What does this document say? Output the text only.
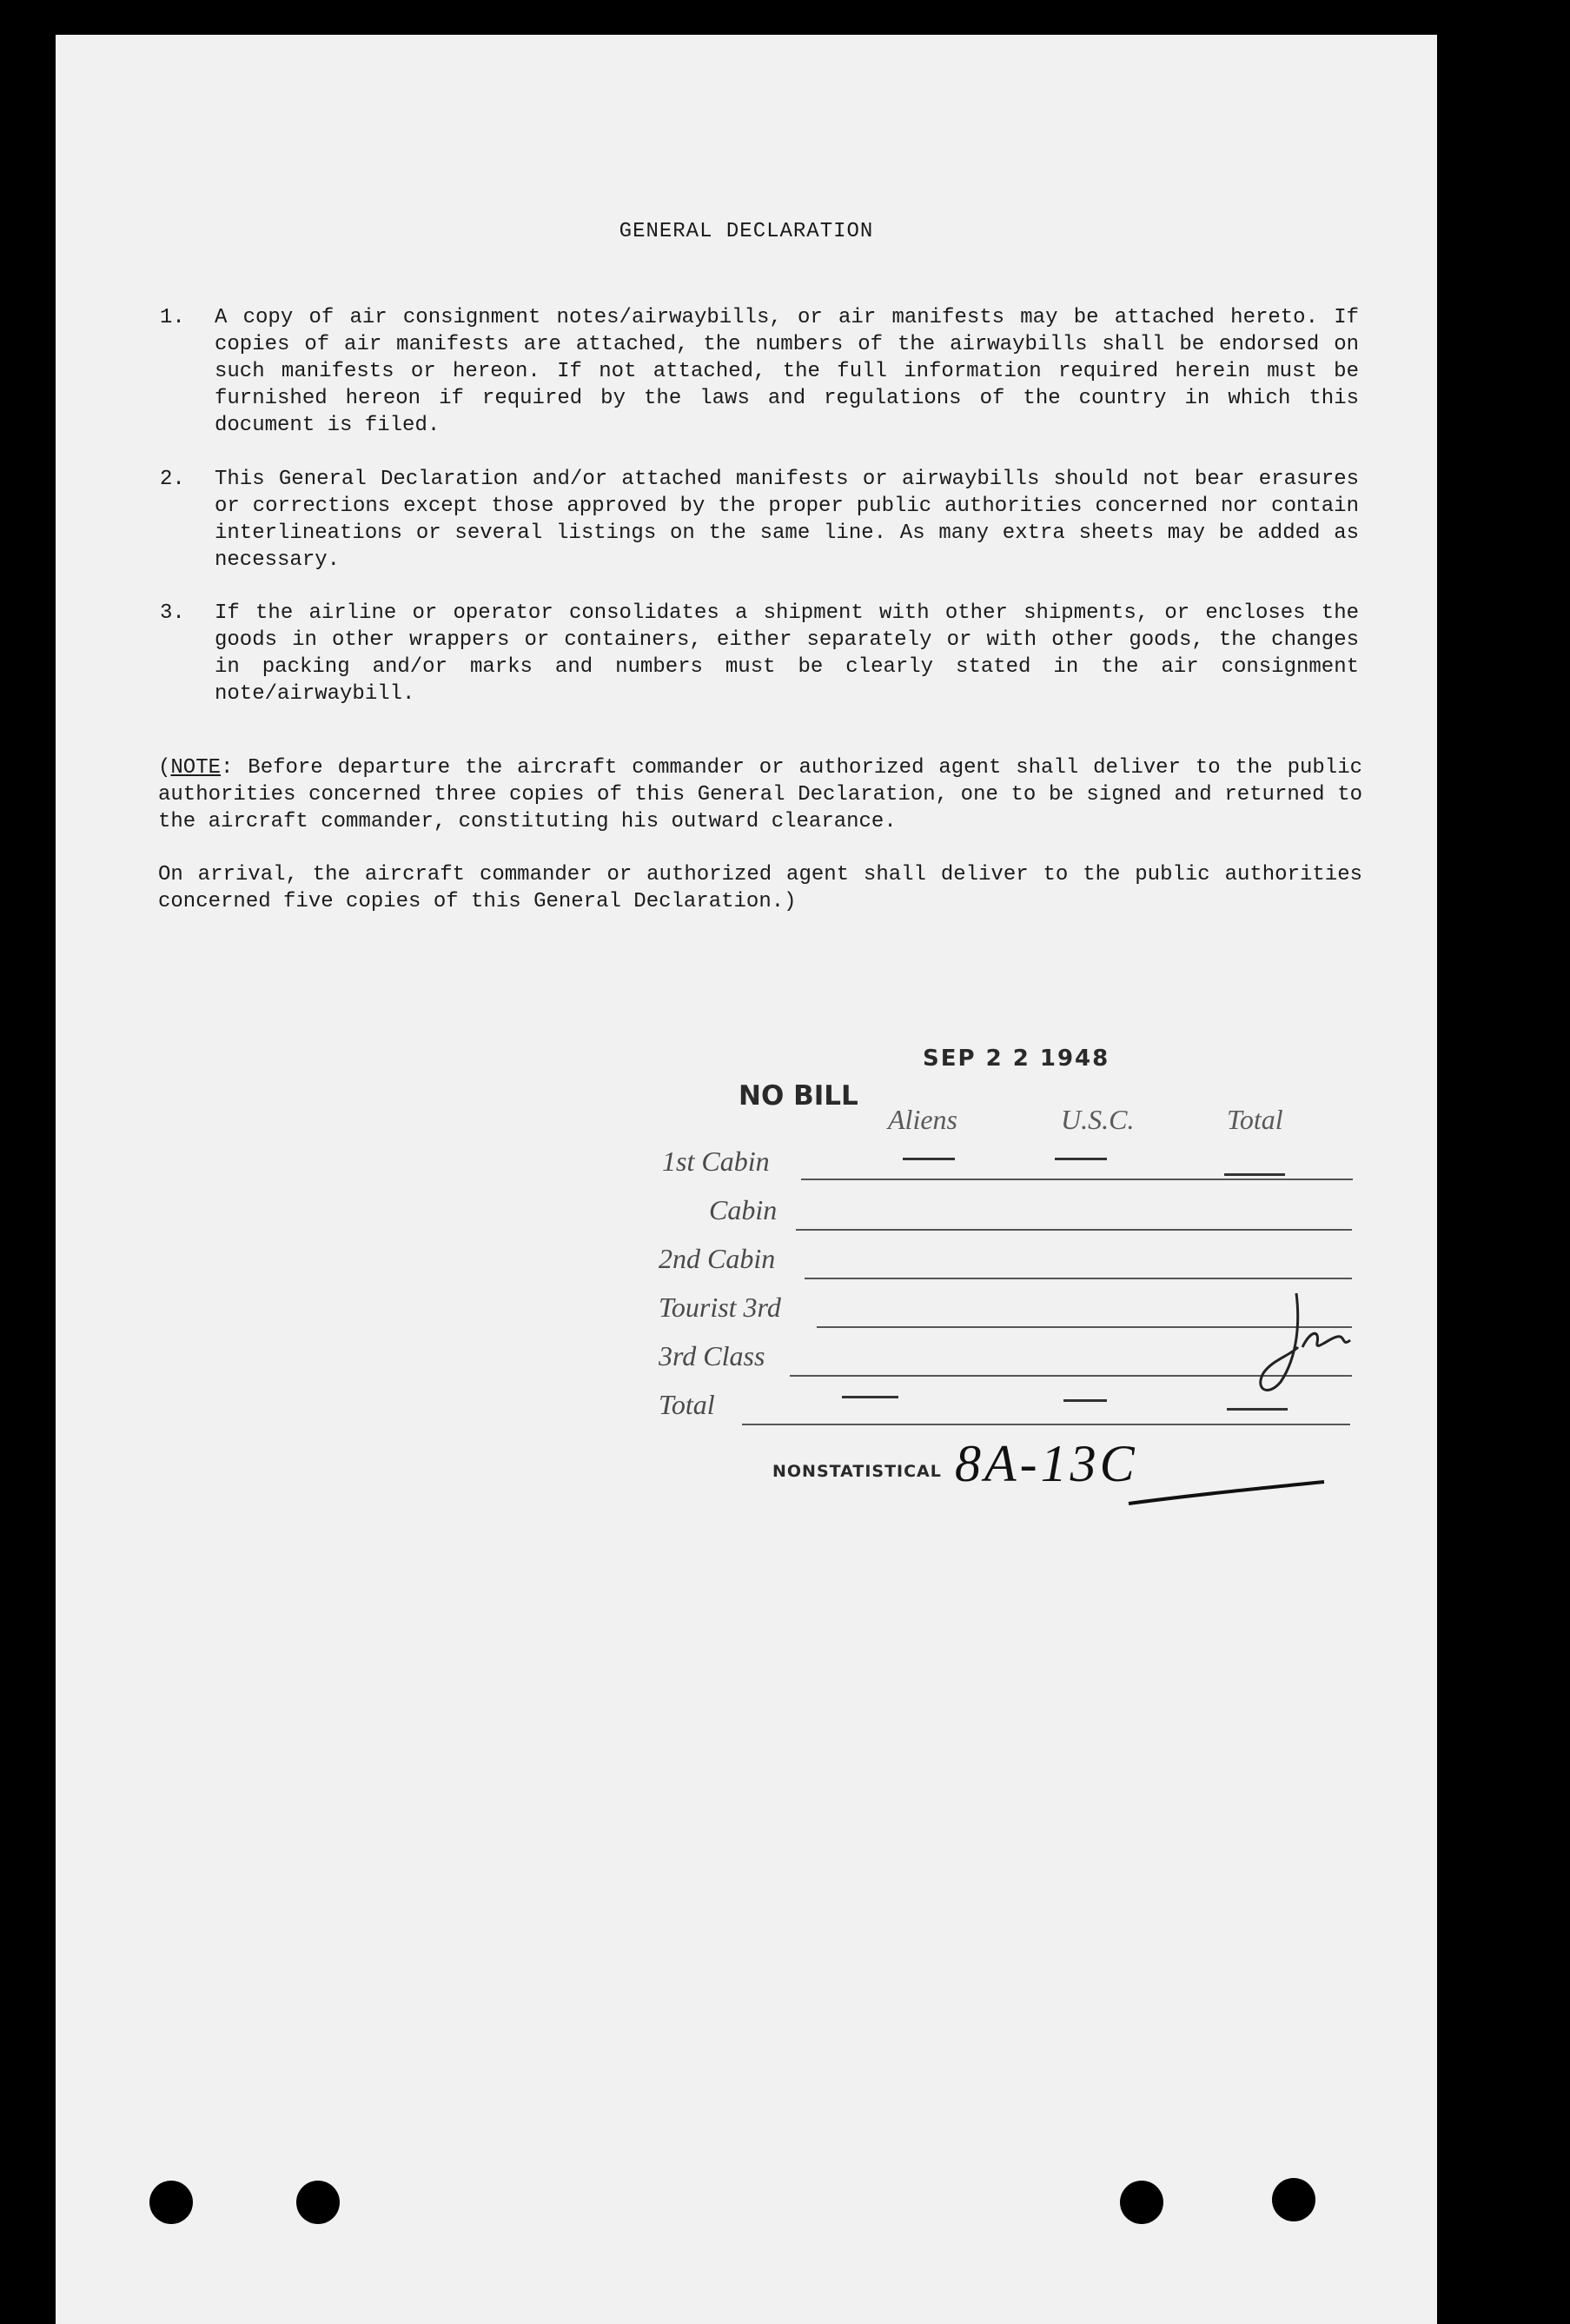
GENERAL DECLARATION
1. A copy of air consignment notes/airwaybills, or air manifests may be attached hereto. If copies of air manifests are attached, the numbers of the airwaybills shall be endorsed on such manifests or hereon. If not attached, the full information required herein must be furnished hereon if required by the laws and regulations of the country in which this document is filed.
2. This General Declaration and/or attached manifests or airwaybills should not bear erasures or corrections except those approved by the proper public authorities concerned nor contain interlineations or several listings on the same line. As many extra sheets may be added as necessary.
3. If the airline or operator consolidates a shipment with other shipments, or encloses the goods in other wrappers or containers, either separately or with other goods, the changes in packing and/or marks and numbers must be clearly stated in the air consignment note/airwaybill.
(NOTE: Before departure the aircraft commander or authorized agent shall deliver to the public authorities concerned three copies of this General Declaration, one to be signed and returned to the aircraft commander, constituting his outward clearance.
On arrival, the aircraft commander or authorized agent shall deliver to the public authorities concerned five copies of this General Declaration.)
SEP 2 2 1948
NO BILL
Aliens	U.S.C.	Total
1st Cabin
Cabin
2nd Cabin
Tourist 3rd
3rd Class
Total
NONSTATISTICAL 8A-13C
